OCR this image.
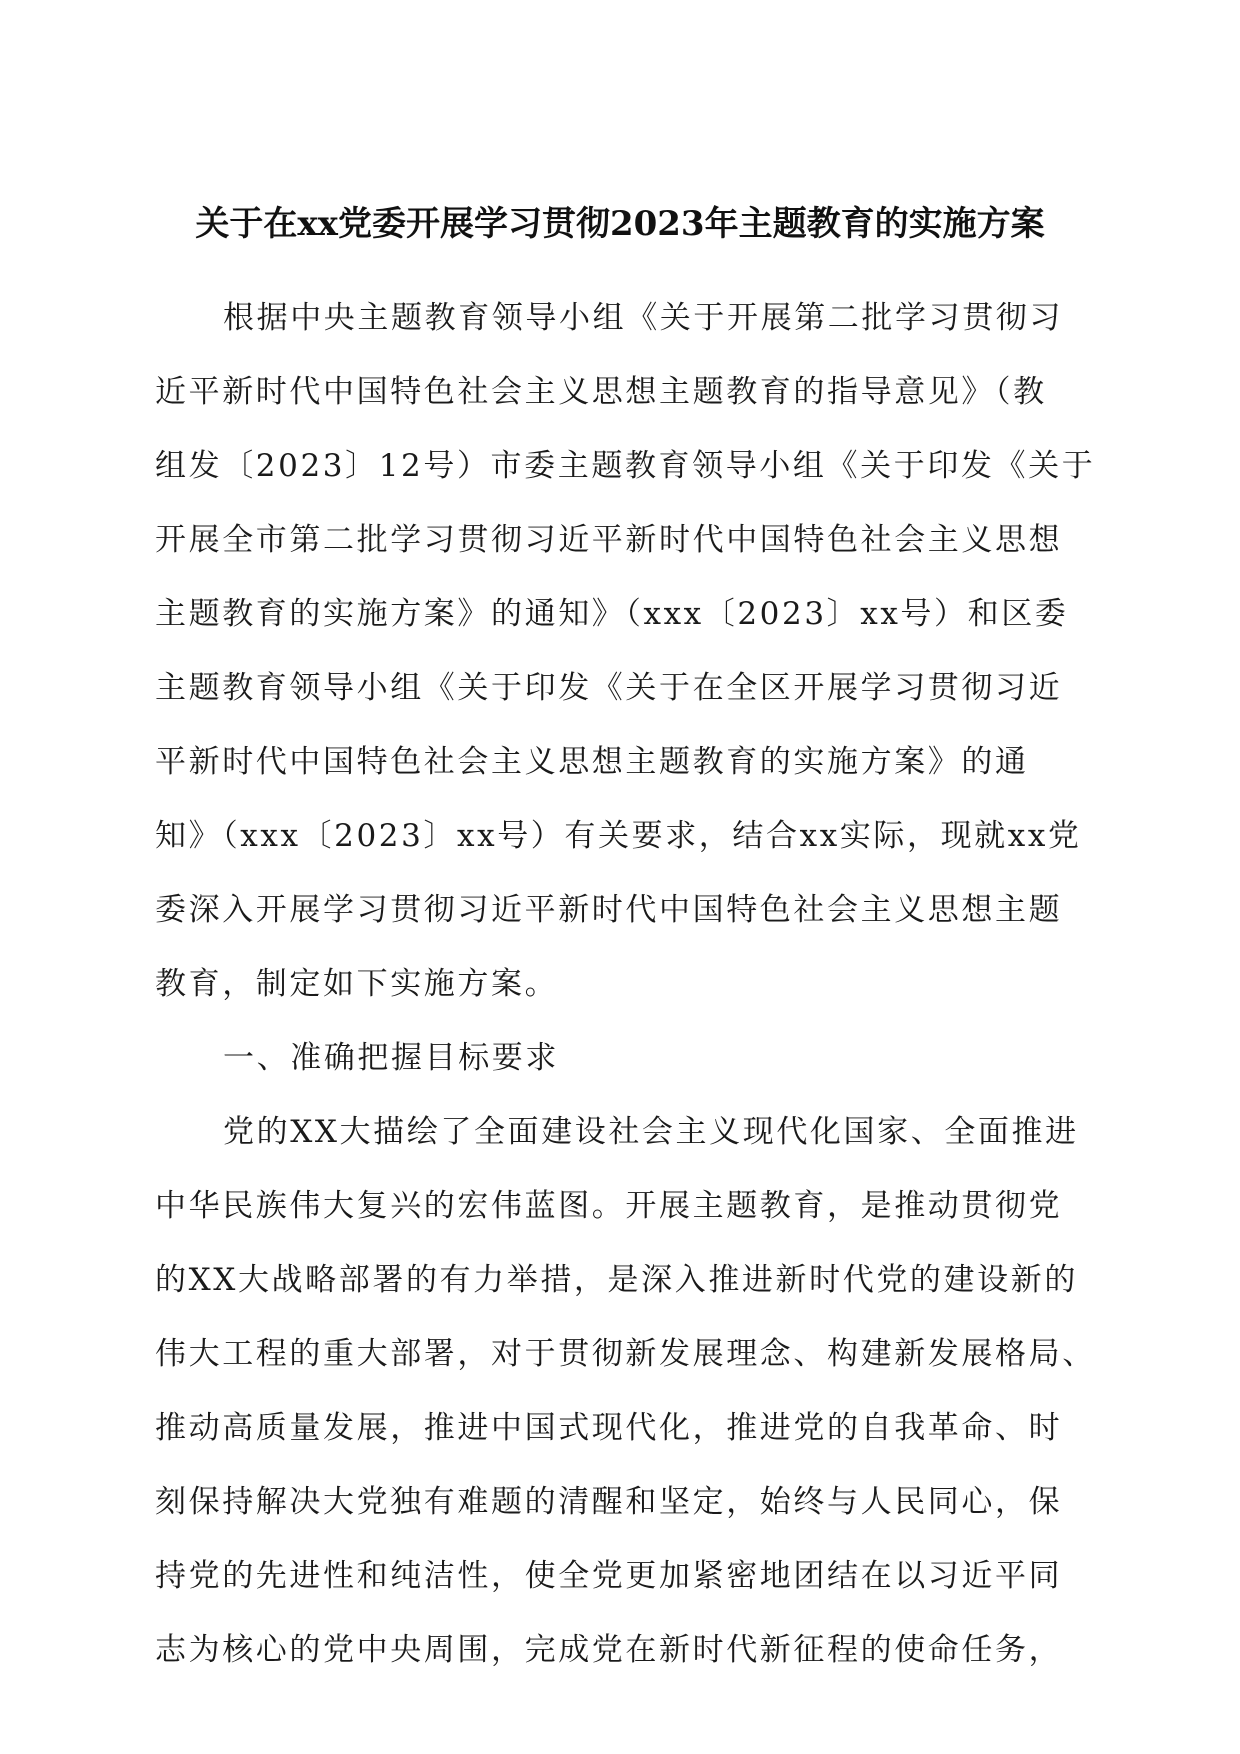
关于在xx党委开展学习贯彻2023年主题教育的实施方案
根据中央主题教育领导小组《关于开展第二批学习贯彻习
近平新时代中国特色社会主义思想主题教育的指导意见》（教
组发〔2023〕12号）市委主题教育领导小组《关于印发《关于
开展全市第二批学习贯彻习近平新时代中国特色社会主义思想
主题教育的实施方案》的通知》（xxx〔2023〕xx号）和区委
主题教育领导小组《关于印发《关于在全区开展学习贯彻习近
平新时代中国特色社会主义思想主题教育的实施方案》的通
知》（xxx〔2023〕xx号）有关要求，结合xx实际，现就xx党
委深入开展学习贯彻习近平新时代中国特色社会主义思想主题
教育，制定如下实施方案。
一、准确把握目标要求
党的XX大描绘了全面建设社会主义现代化国家、全面推进
中华民族伟大复兴的宏伟蓝图。开展主题教育，是推动贯彻党
的XX大战略部署的有力举措，是深入推进新时代党的建设新的
伟大工程的重大部署，对于贯彻新发展理念、构建新发展格局、
推动高质量发展，推进中国式现代化，推进党的自我革命、时
刻保持解决大党独有难题的清醒和坚定，始终与人民同心，保
持党的先进性和纯洁性，使全党更加紧密地团结在以习近平同
志为核心的党中央周围，完成党在新时代新征程的使命任务，
